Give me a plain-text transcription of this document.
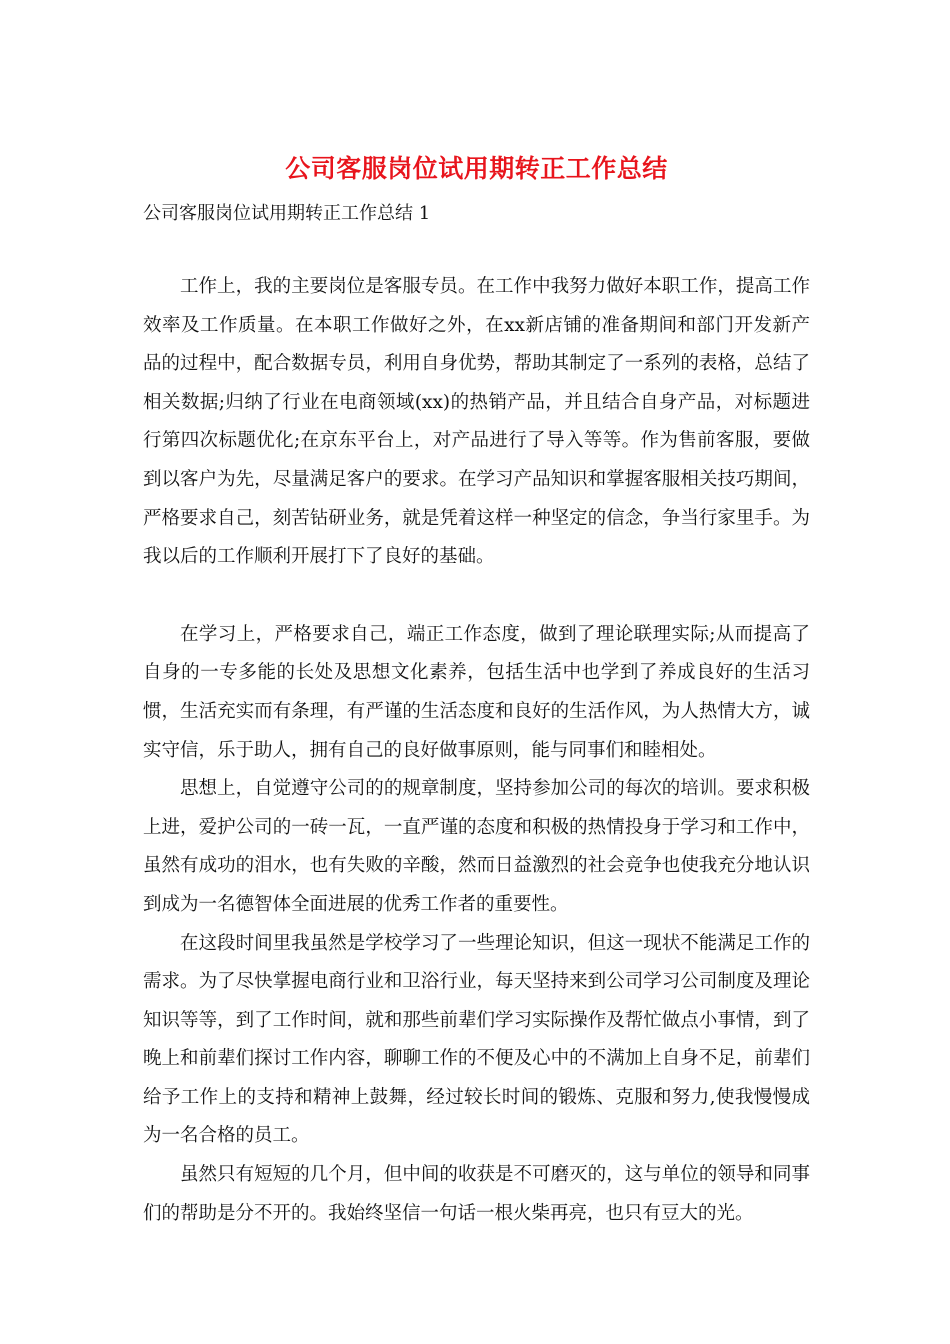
公司客服岗位试用期转正工作总结
公司客服岗位试用期转正工作总结 1

工作上，我的主要岗位是客服专员。在工作中我努力做好本职工作，提高工作效率及工作质量。在本职工作做好之外，在xx新店铺的准备期间和部门开发新产品的过程中，配合数据专员，利用自身优势，帮助其制定了一系列的表格，总结了相关数据;归纳了行业在电商领域(xx)的热销产品，并且结合自身产品，对标题进行第四次标题优化;在京东平台上，对产品进行了导入等等。作为售前客服，要做到以客户为先，尽量满足客户的要求。在学习产品知识和掌握客服相关技巧期间，严格要求自己，刻苦钻研业务，就是凭着这样一种坚定的信念，争当行家里手。为我以后的工作顺利开展打下了良好的基础。

在学习上，严格要求自己，端正工作态度，做到了理论联理实际;从而提高了自身的一专多能的长处及思想文化素养，包括生活中也学到了养成良好的生活习惯，生活充实而有条理，有严谨的生活态度和良好的生活作风，为人热情大方，诚实守信，乐于助人，拥有自己的良好做事原则，能与同事们和睦相处。

思想上，自觉遵守公司的的规章制度，坚持参加公司的每次的培训。要求积极上进，爱护公司的一砖一瓦，一直严谨的态度和积极的热情投身于学习和工作中，虽然有成功的泪水，也有失败的辛酸，然而日益激烈的社会竞争也使我充分地认识到成为一名德智体全面进展的优秀工作者的重要性。

在这段时间里我虽然是学校学习了一些理论知识，但这一现状不能满足工作的需求。为了尽快掌握电商行业和卫浴行业，每天坚持来到公司学习公司制度及理论知识等等，到了工作时间，就和那些前辈们学习实际操作及帮忙做点小事情，到了晚上和前辈们探讨工作内容，聊聊工作的不便及心中的不满加上自身不足，前辈们给予工作上的支持和精神上鼓舞，经过较长时间的锻炼、克服和努力,使我慢慢成为一名合格的员工。

虽然只有短短的几个月，但中间的收获是不可磨灭的，这与单位的领导和同事们的帮助是分不开的。我始终坚信一句话一根火柴再亮，也只有豆大的光。
